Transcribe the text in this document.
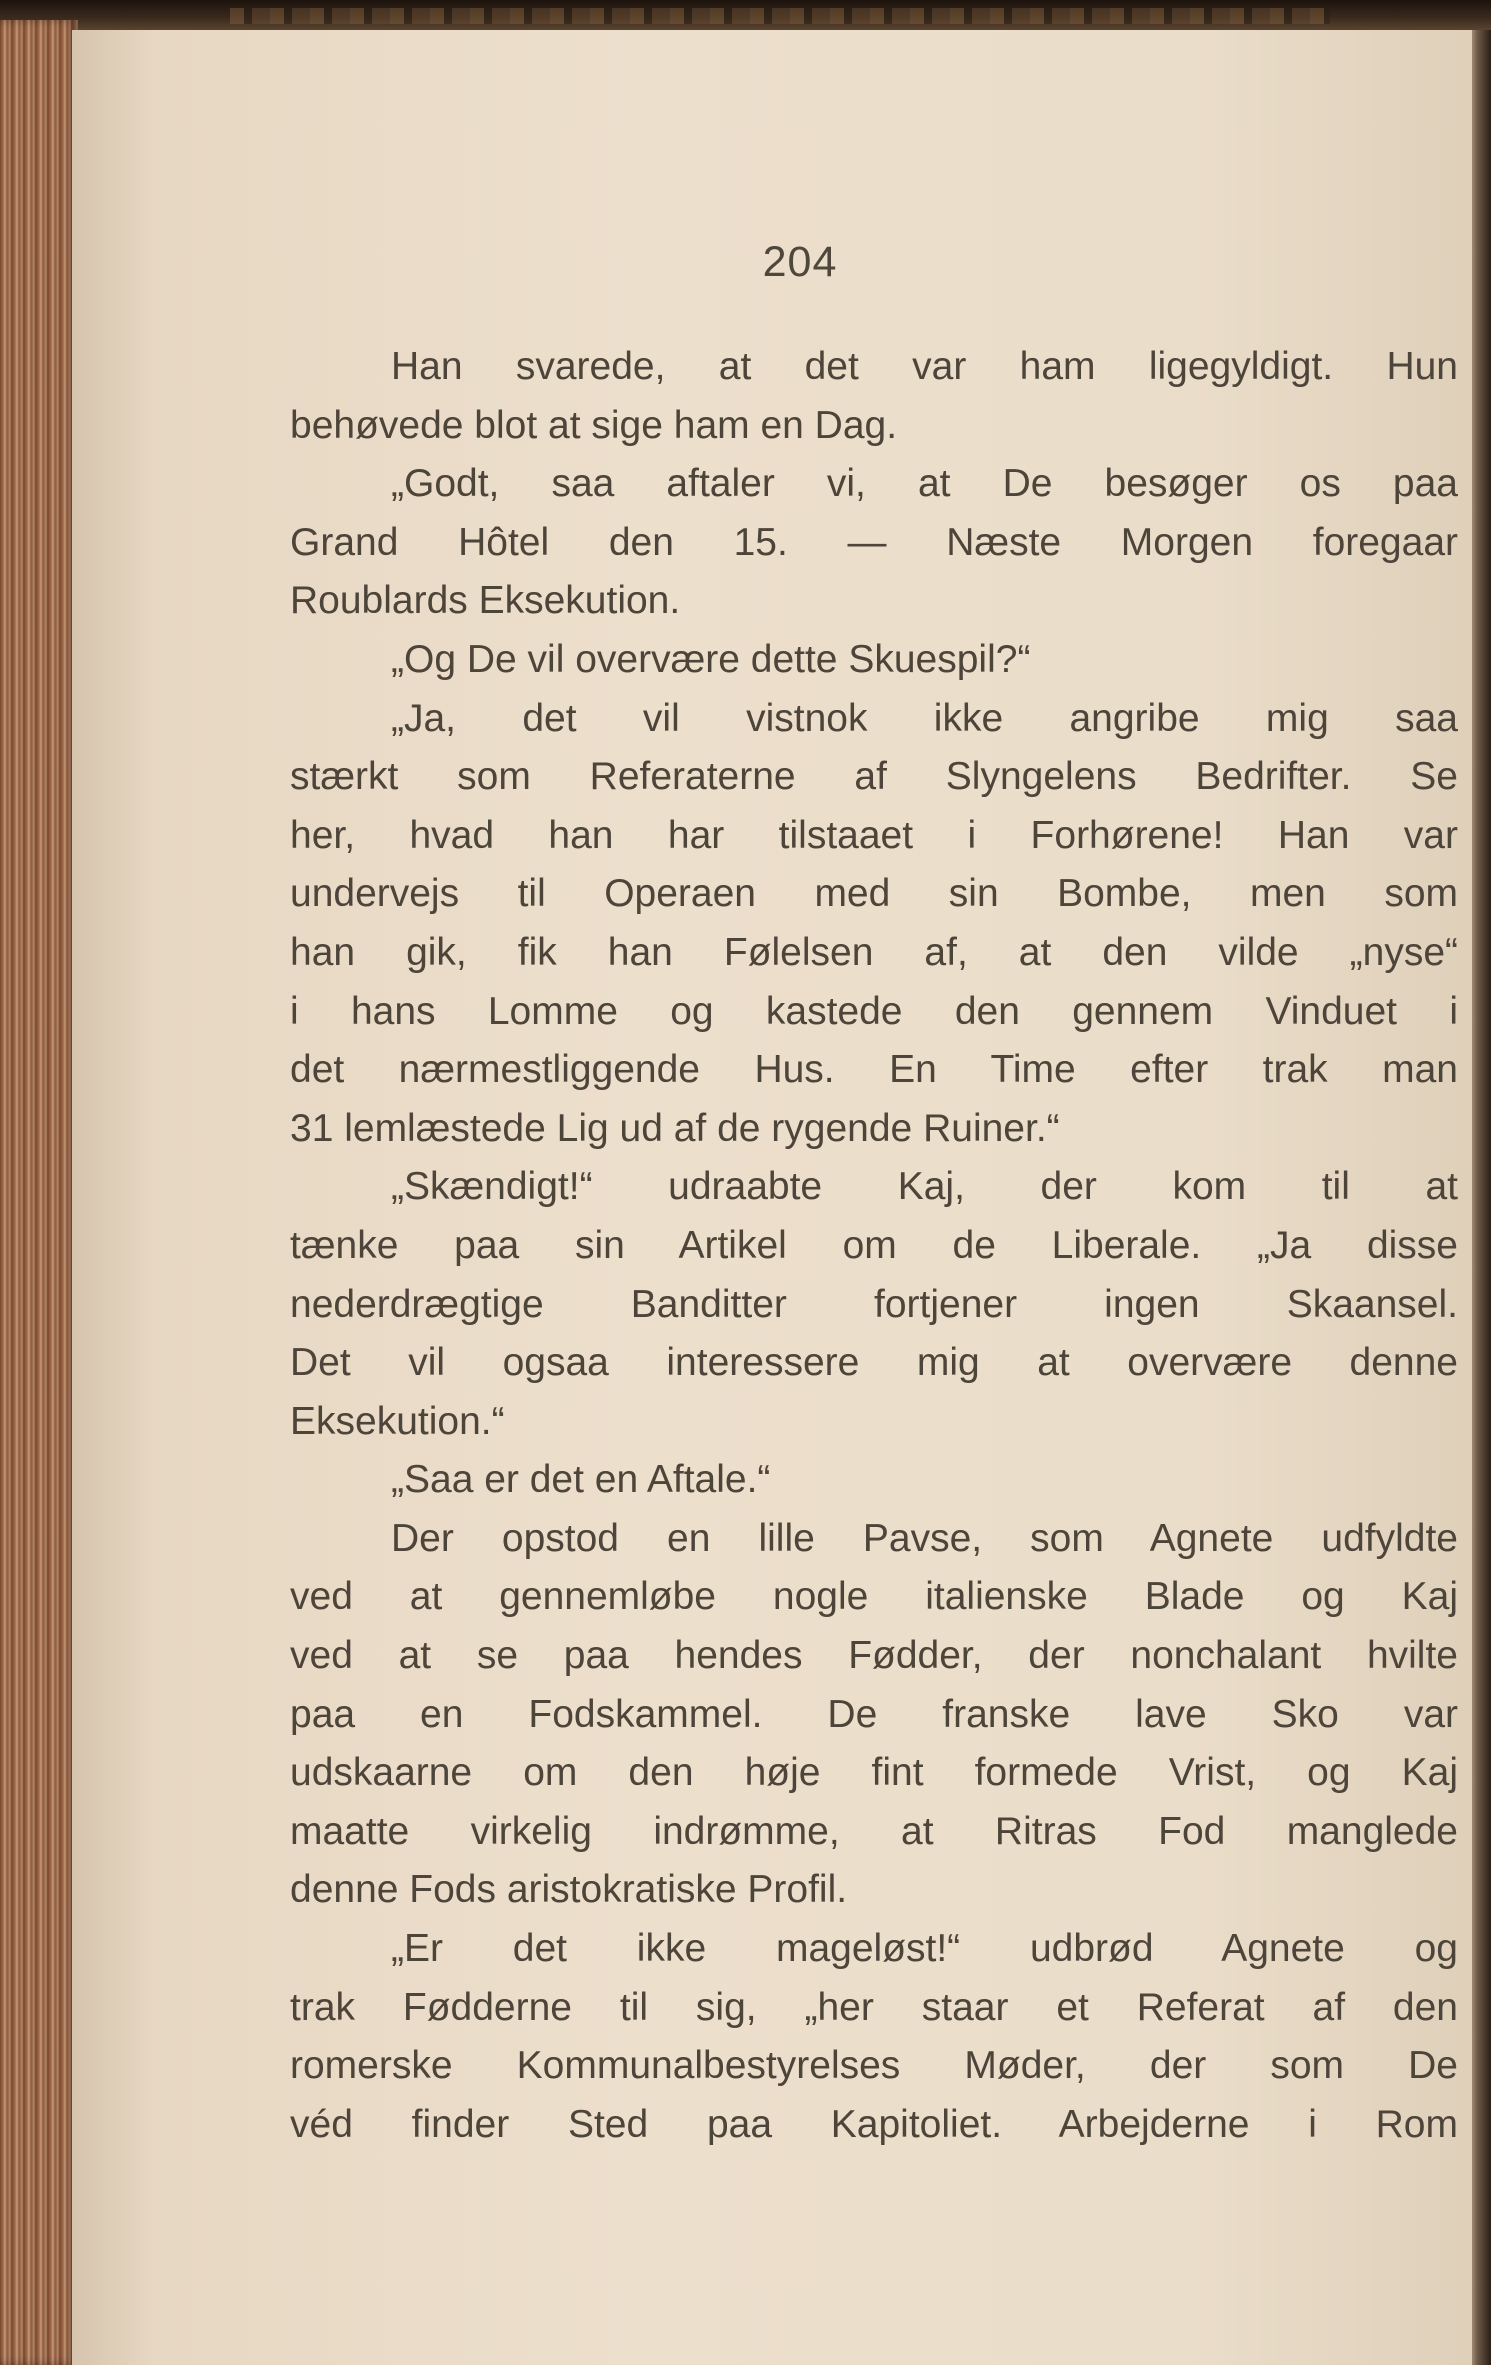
204
Han svarede, at det var ham ligegyldigt. Hun
behøvede blot at sige ham en Dag.
„Godt, saa aftaler vi, at De besøger os paa
Grand Hôtel den 15. — Næste Morgen foregaar
Roublards Eksekution.
„Og De vil overvære dette Skuespil?“
„Ja, det vil vistnok ikke angribe mig saa
stærkt som Referaterne af Slyngelens Bedrifter. Se
her, hvad han har tilstaaet i Forhørene! Han var
undervejs til Operaen med sin Bombe, men som
han gik, fik han Følelsen af, at den vilde „nyse“
i hans Lomme og kastede den gennem Vinduet i
det nærmestliggende Hus. En Time efter trak man
31 lemlæstede Lig ud af de rygende Ruiner.“
„Skændigt!“ udraabte Kaj, der kom til at
tænke paa sin Artikel om de Liberale. „Ja disse
nederdrægtige Banditter fortjener ingen Skaansel.
Det vil ogsaa interessere mig at overvære denne
Eksekution.“
„Saa er det en Aftale.“
Der opstod en lille Pavse, som Agnete udfyldte
ved at gennemløbe nogle italienske Blade og Kaj
ved at se paa hendes Fødder, der nonchalant hvilte
paa en Fodskammel. De franske lave Sko var
udskaarne om den høje fint formede Vrist, og Kaj
maatte virkelig indrømme, at Ritras Fod manglede
denne Fods aristokratiske Profil.
„Er det ikke mageløst!“ udbrød Agnete og
trak Fødderne til sig, „her staar et Referat af den
romerske Kommunalbestyrelses Møder, der som De
véd finder Sted paa Kapitoliet. Arbejderne i Rom
